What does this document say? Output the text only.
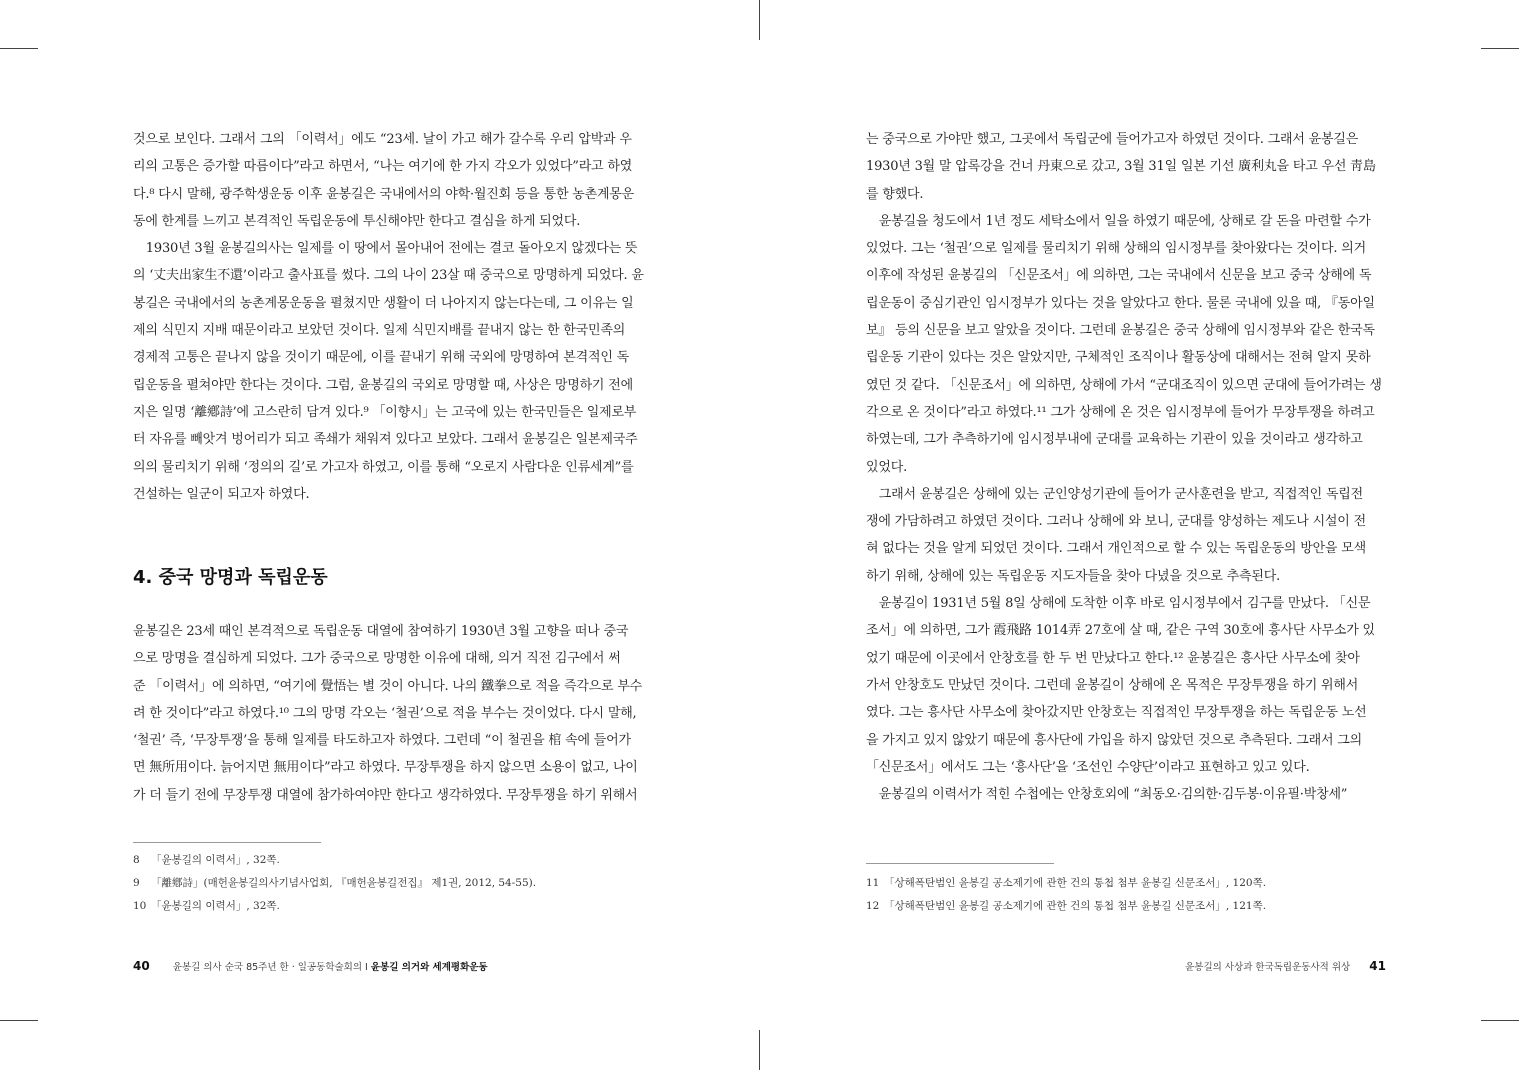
것으로 보인다. 그래서 그의 「이력서」에도 “23세. 날이 가고 해가 갈수록 우리 압박과 우
리의 고통은 증가할 따름이다”라고 하면서, “나는 여기에 한 가지 각오가 있었다”라고 하였
다.⁸ 다시 말해, 광주학생운동 이후 윤봉길은 국내에서의 야학·월진회 등을 통한 농촌계몽운
동에 한계를 느끼고 본격적인 독립운동에 투신해야만 한다고 결심을 하게 되었다.
　1930년 3월 윤봉길의사는 일제를 이 땅에서 몰아내어 전에는 결코 돌아오지 않겠다는 뜻
의 ‘丈夫出家生不還’이라고 출사표를 썼다. 그의 나이 23살 때 중국으로 망명하게 되었다. 윤
봉길은 국내에서의 농촌계몽운동을 펼쳤지만 생활이 더 나아지지 않는다는데, 그 이유는 일
제의 식민지 지배 때문이라고 보았던 것이다. 일제 식민지배를 끝내지 않는 한 한국민족의
경제적 고통은 끝나지 않을 것이기 때문에, 이를 끝내기 위해 국외에 망명하여 본격적인 독
립운동을 펼쳐야만 한다는 것이다. 그럼, 윤봉길의 국외로 망명할 때, 사상은 망명하기 전에
지은 일명 ‘離鄕詩’에 고스란히 담겨 있다.⁹ 「이향시」는 고국에 있는 한국민들은 일제로부
터 자유를 빼앗겨 벙어리가 되고 족쇄가 채워져 있다고 보았다. 그래서 윤봉길은 일본제국주
의의 물리치기 위해 ‘정의의 길’로 가고자 하였고, 이를 통해 “오로지 사람다운 인류세계”를
건설하는 일군이 되고자 하였다.
4. 중국 망명과 독립운동
윤봉길은 23세 때인 본격적으로 독립운동 대열에 참여하기 1930년 3월 고향을 떠나 중국
으로 망명을 결심하게 되었다. 그가 중국으로 망명한 이유에 대해, 의거 직전 김구에서 써
준 「이력서」에 의하면, “여기에 覺悟는 별 것이 아니다. 나의 鐵拳으로 적을 즉각으로 부수
려 한 것이다”라고 하였다.¹⁰ 그의 망명 각오는 ‘철권’으로 적을 부수는 것이었다. 다시 말해,
‘철권’ 즉, ‘무장투쟁’을 통해 일제를 타도하고자 하였다. 그런데 “이 철권을 棺 속에 들어가
면 無所用이다. 늙어지면 無用이다”라고 하였다. 무장투쟁을 하지 않으면 소용이 없고, 나이
가 더 들기 전에 무장투쟁 대열에 참가하여야만 한다고 생각하였다. 무장투쟁을 하기 위해서
8 「윤봉길의 이력서」, 32쪽.
9 「離鄕詩」(매헌윤봉길의사기념사업회, 『매헌윤봉길전집』 제1권, 2012, 54-55).
10 「윤봉길의 이력서」, 32쪽.
40 윤봉길 의사 순국 85주년 한 · 일공동학술회의 I 윤봉길 의거와 세계평화운동
는 중국으로 가야만 했고, 그곳에서 독립군에 들어가고자 하였던 것이다. 그래서 윤봉길은
1930년 3월 말 압록강을 건너 丹東으로 갔고, 3월 31일 일본 기선 廣利丸을 타고 우선 靑島
를 향했다.
　윤봉길을 청도에서 1년 정도 세탁소에서 일을 하였기 때문에, 상해로 갈 돈을 마련할 수가
있었다. 그는 ‘철권’으로 일제를 물리치기 위해 상해의 임시정부를 찾아왔다는 것이다. 의거
이후에 작성된 윤봉길의 「신문조서」에 의하면, 그는 국내에서 신문을 보고 중국 상해에 독
립운동이 중심기관인 임시정부가 있다는 것을 알았다고 한다. 물론 국내에 있을 때, 『동아일
보』 등의 신문을 보고 알았을 것이다. 그런데 윤봉길은 중국 상해에 임시정부와 같은 한국독
립운동 기관이 있다는 것은 알았지만, 구체적인 조직이나 활동상에 대해서는 전혀 알지 못하
였던 것 같다. 「신문조서」에 의하면, 상해에 가서 “군대조직이 있으면 군대에 들어가려는 생
각으로 온 것이다”라고 하였다.¹¹ 그가 상해에 온 것은 임시정부에 들어가 무장투쟁을 하려고
하였는데, 그가 추측하기에 임시정부내에 군대를 교육하는 기관이 있을 것이라고 생각하고
있었다.
　그래서 윤봉길은 상해에 있는 군인양성기관에 들어가 군사훈련을 받고, 직접적인 독립전
쟁에 가담하려고 하였던 것이다. 그러나 상해에 와 보니, 군대를 양성하는 제도나 시설이 전
혀 없다는 것을 알게 되었던 것이다. 그래서 개인적으로 할 수 있는 독립운동의 방안을 모색
하기 위해, 상해에 있는 독립운동 지도자들을 찾아 다녔을 것으로 추측된다.
　윤봉길이 1931년 5월 8일 상해에 도착한 이후 바로 임시정부에서 김구를 만났다. 「신문
조서」에 의하면, 그가 霞飛路 1014弄 27호에 살 때, 같은 구역 30호에 흥사단 사무소가 있
었기 때문에 이곳에서 안창호를 한 두 번 만났다고 한다.¹² 윤봉길은 흥사단 사무소에 찾아
가서 안창호도 만났던 것이다. 그런데 윤봉길이 상해에 온 목적은 무장투쟁을 하기 위해서
였다. 그는 흥사단 사무소에 찾아갔지만 안창호는 직접적인 무장투쟁을 하는 독립운동 노선
을 가지고 있지 않았기 때문에 흥사단에 가입을 하지 않았던 것으로 추측된다. 그래서 그의
「신문조서」에서도 그는 ‘흥사단’을 ‘조선인 수양단’이라고 표현하고 있고 있다.
　윤봉길의 이력서가 적힌 수첩에는 안창호외에 “최동오·김의한·김두봉·이유필·박창세”
11 「상해폭탄범인 윤봉길 공소제기에 관한 건의 통첩 첨부 윤봉길 신문조서」, 120쪽.
12 「상해폭탄범인 윤봉길 공소제기에 관한 건의 통첩 첨부 윤봉길 신문조서」, 121쪽.
윤봉길의 사상과 한국독립운동사적 위상 41
